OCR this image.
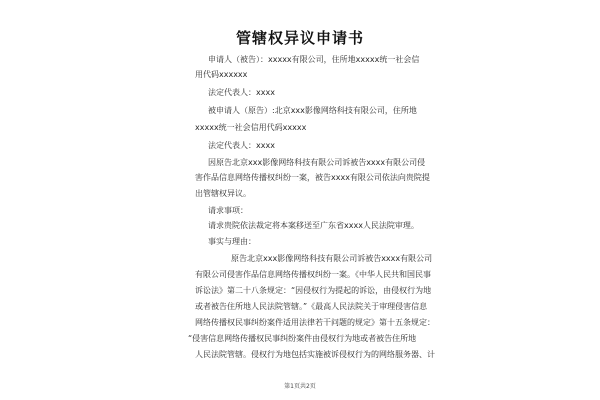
管辖权异议申请书
申请人（被告）：xxxxx有限公司，住所地xxxxx统一社会信
用代码xxxxxx
法定代表人：xxxx
被申请人（原告）:北京xxx影像网络科技有限公司，住所地
xxxxx统一社会信用代码xxxxx
法定代表人：xxxx
因原告北京xxx影像网络科技有限公司诉被告xxxx有限公司侵
害作品信息网络传播权纠纷一案，被告xxxx有限公司依法向贵院提
出管辖权异议。
请求事项：
请求贵院依法裁定将本案移送至广东省xxxx人民法院审理。
事实与理由：
原告北京xxx影像网络科技有限公司诉被告xxxx有限公司
有限公司侵害作品信息网络传播权纠纷一案。《中华人民共和国民事
诉讼法》第二十八条规定：“因侵权行为提起的诉讼，由侵权行为地
或者被告住所地人民法院管辖。”《最高人民法院关于审理侵害信息
网络传播权民事纠纷案件适用法律若干问题的规定》第十五条规定：
“侵害信息网络传播权民事纠纷案件由侵权行为地或者被告住所地
人民法院管辖。侵权行为地包括实施被诉侵权行为的网络服务器、计
第1页共2页
